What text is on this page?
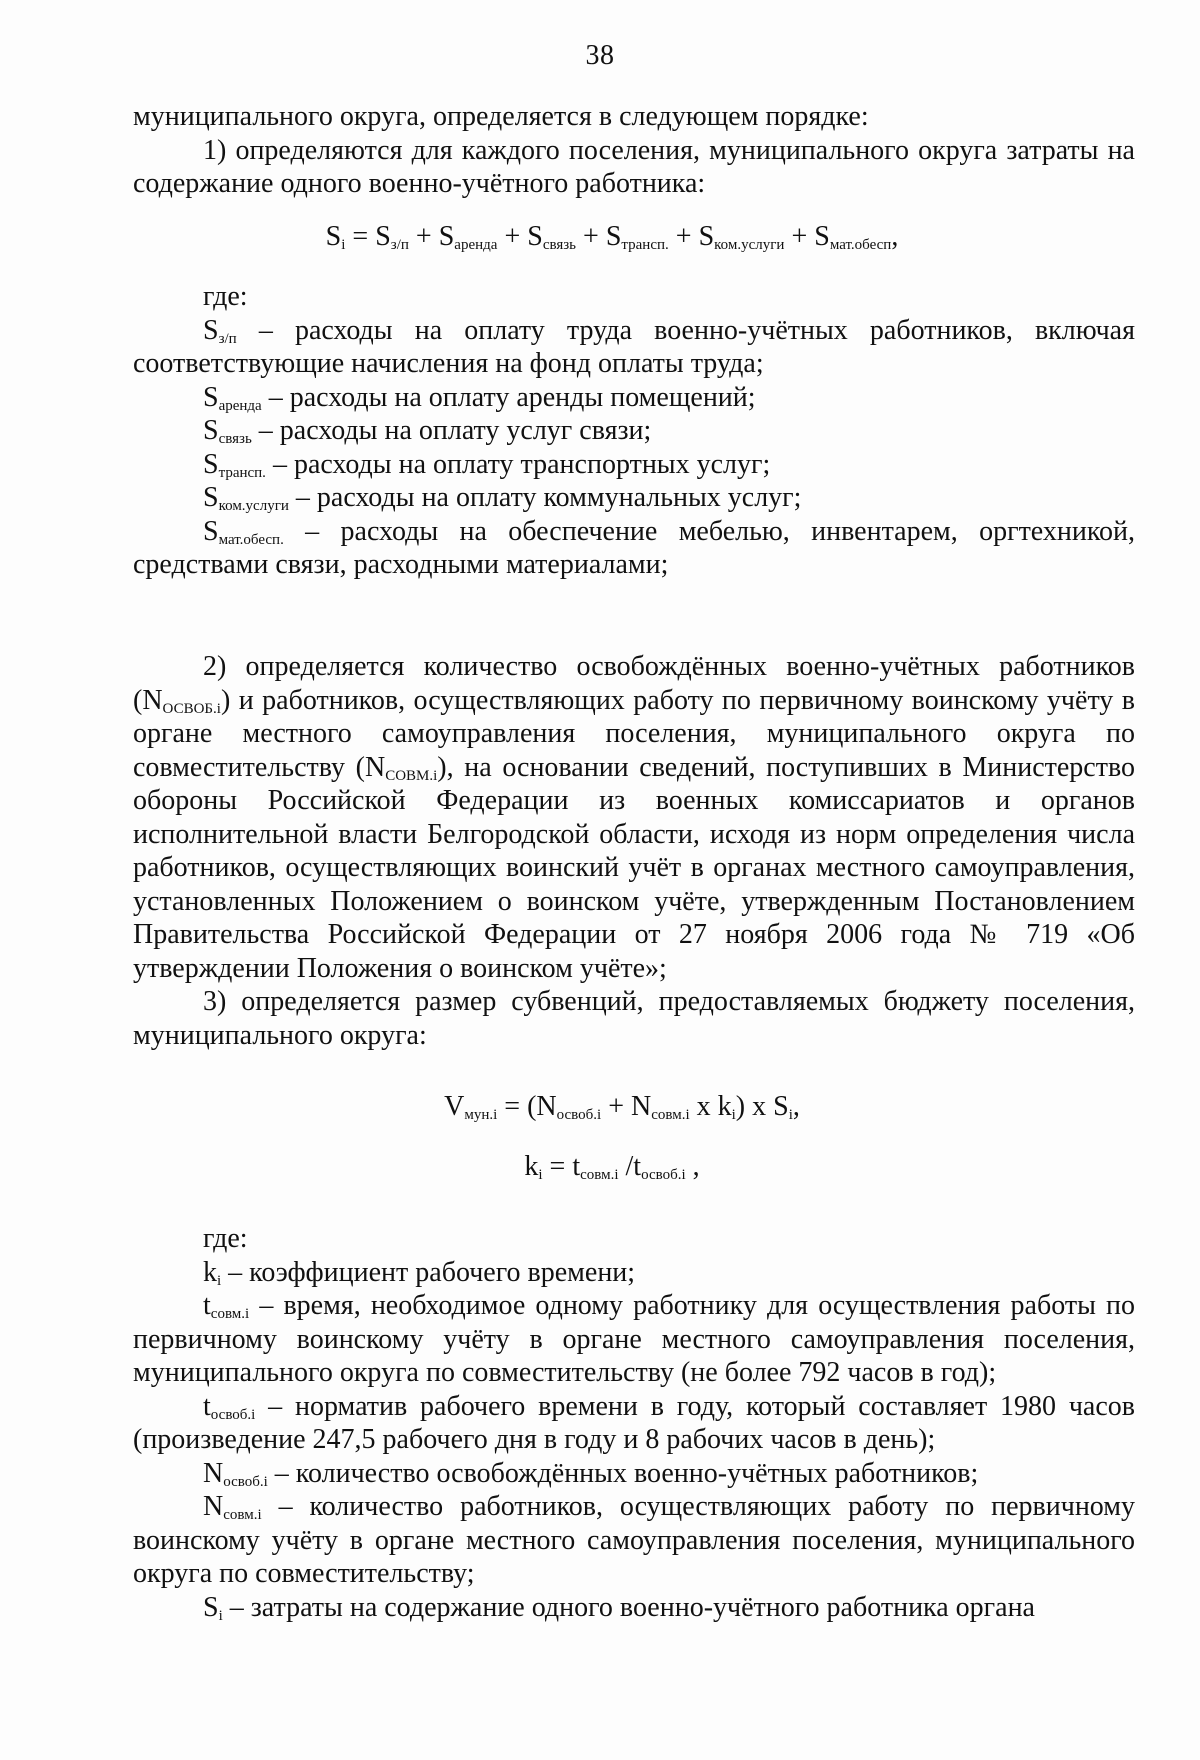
38

муниципального округа, определяется в следующем порядке:

1) определяются для каждого поселения, муниципального округа затраты на содержание одного военно-учётного работника:

$S_i = S_{з/п} + S_{аренда} + S_{связь} + S_{трансп.} + S_{ком.услуги} + S_{мат.обесп}$,

где:

$S_{з/п}$ – расходы на оплату труда военно-учётных работников, включая соответствующие начисления на фонд оплаты труда;

$S_{аренда}$ – расходы на оплату аренды помещений;

$S_{связь}$ – расходы на оплату услуг связи;

$S_{трансп.}$ – расходы на оплату транспортных услуг;

$S_{ком.услуги}$ – расходы на оплату коммунальных услуг;

$S_{мат.обесп.}$ – расходы на обеспечение мебелью, инвентарем, оргтехникой, средствами связи, расходными материалами;

2) определяется количество освобождённых военно-учётных работников $(N_{ОСВОБ.i})$ и работников, осуществляющих работу по первичному воинскому учёту в органе местного самоуправления поселения, муниципального округа по совместительству $(N_{СОВМ.i})$, на основании сведений, поступивших в Министерство обороны Российской Федерации из военных комиссариатов и органов исполнительной власти Белгородской области, исходя из норм определения числа работников, осуществляющих воинский учёт в органах местного самоуправления, установленных Положением о воинском учёте, утвержденным Постановлением Правительства Российской Федерации от 27 ноября 2006 года № 719 «Об утверждении Положения о воинском учёте»;

3) определяется размер субвенций, предоставляемых бюджету поселения, муниципального округа:

$V_{мун.i} = (N_{освоб.i} + N_{совм.i}$ x $k_i$) x $S_i$,
$k_i = t_{совм.i}$ $/t_{освоб.i}$ ,

где:

$k_i$ – коэффициент рабочего времени;

$t_{совм.i}$ – время, необходимое одному работнику для осуществления работы по первичному воинскому учёту в органе местного самоуправления поселения, муниципального округа по совместительству (не более 792 часов в год);

$t_{освоб.i}$ – норматив рабочего времени в году, который составляет 1980 часов (произведение 247,5 рабочего дня в году и 8 рабочих часов в день);

$N_{освоб.i}$ – количество освобождённых военно-учётных работников;

$N_{совм.i}$ – количество работников, осуществляющих работу по первичному воинскому учёту в органе местного самоуправления поселения, муниципального округа по совместительству;

$S_i$ – затраты на содержание одного военно-учётного работника органа
